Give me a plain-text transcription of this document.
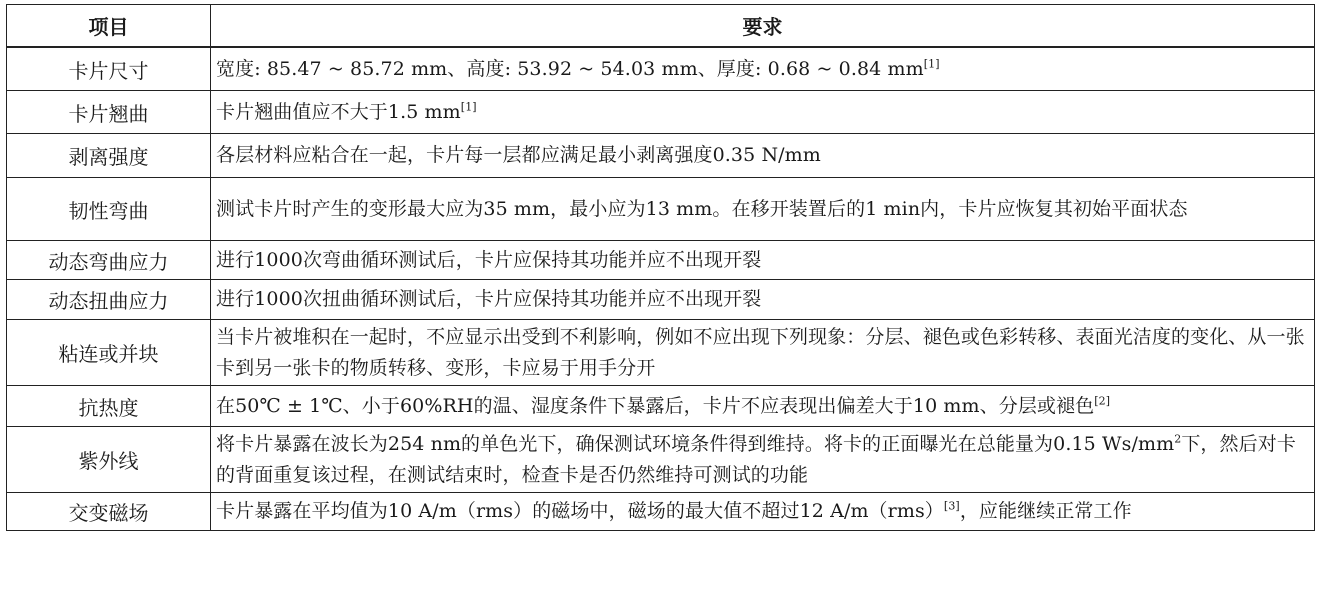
项目	要求
卡片尺寸	宽度: 85.47 ~ 85.72 mm、高度: 53.92 ~ 54.03 mm、厚度: 0.68 ~ 0.84 mm[1]
卡片翘曲	卡片翘曲值应不大于1.5 mm[1]
剥离强度	各层材料应粘合在一起，卡片每一层都应满足最小剥离强度0.35 N/mm
韧性弯曲	测试卡片时产生的变形最大应为35 mm，最小应为13 mm。在移开装置后的1 min内，卡片应恢复其初始平面状态
动态弯曲应力	进行1000次弯曲循环测试后，卡片应保持其功能并应不出现开裂
动态扭曲应力	进行1000次扭曲循环测试后，卡片应保持其功能并应不出现开裂
粘连或并块	当卡片被堆积在一起时，不应显示出受到不利影响，例如不应出现下列现象：分层、褪色或色彩转移、表面光洁度的变化、从一张卡到另一张卡的物质转移、变形，卡应易于用手分开
抗热度	在50℃ ± 1℃、小于60%RH的温、湿度条件下暴露后，卡片不应表现出偏差大于10 mm、分层或褪色[2]
紫外线	将卡片暴露在波长为254 nm的单色光下，确保测试环境条件得到维持。将卡的正面曝光在总能量为0.15 $Ws/mm^2$下，然后对卡的背面重复该过程，在测试结束时，检查卡是否仍然维持可测试的功能
交变磁场	卡片暴露在平均值为10 A/m（rms）的磁场中，磁场的最大值不超过12 A/m（rms）[3]，应能继续正常工作
